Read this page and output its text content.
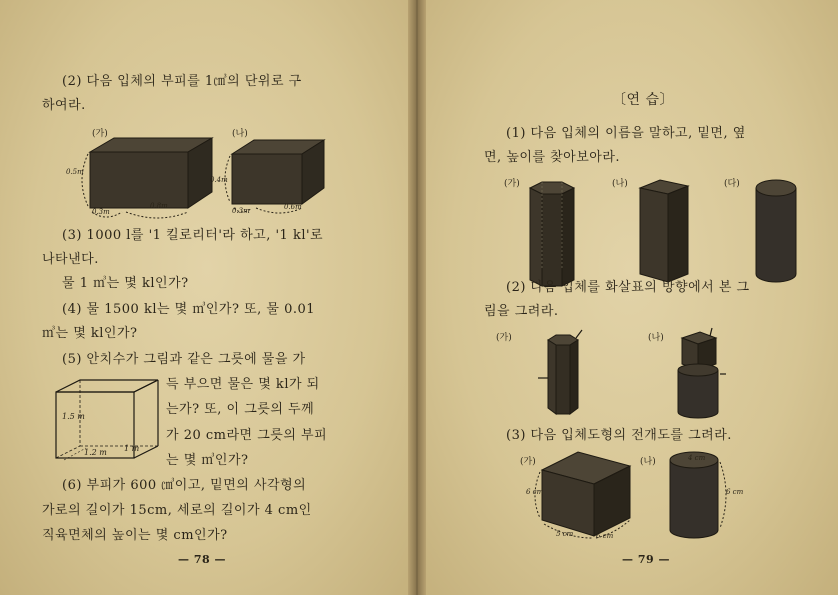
(2) 다음 입체의 부피를 1㎤의 단위로 구
하여라.
(가)	(나)
0.5m
0.3m
0.8m
0.4m
0.3m	0.6m
(3) 1000 l를 '1 킬로리터'라 하고, '1 kl'로
나타낸다.
물 1 ㎥는 몇 kl인가?
(4) 물 1500 kl는 몇 ㎥인가? 또, 물 0.01
㎥는 몇 kl인가?
(5) 안치수가 그림과 같은 그릇에 물을 가
득 부으면 물은 몇 kl가 되
는가? 또, 이 그릇의 두께
가 20 cm라면 그릇의 부피
는 몇 ㎥인가?
1.5 m
1.2 m 1 m
(6) 부피가 600 ㎤이고, 밑면의 사각형의
가로의 길이가 15cm, 세로의 길이가 4 cm인
직육면체의 높이는 몇 cm인가?
— 78 —
〔연 습〕
(1) 다음 입체의 이름을 말하고, 밑면, 옆
면, 높이를 찾아보아라.
(가)	(나)	(다)
(2) 다음 입체를 화살표의 방향에서 본 그
림을 그려라.
(가)	(나)
(3) 다음 입체도형의 전개도를 그려라.
(가)	(나)
6 cm
5 cm	6 cm
4 cm
6 cm
— 79 —
